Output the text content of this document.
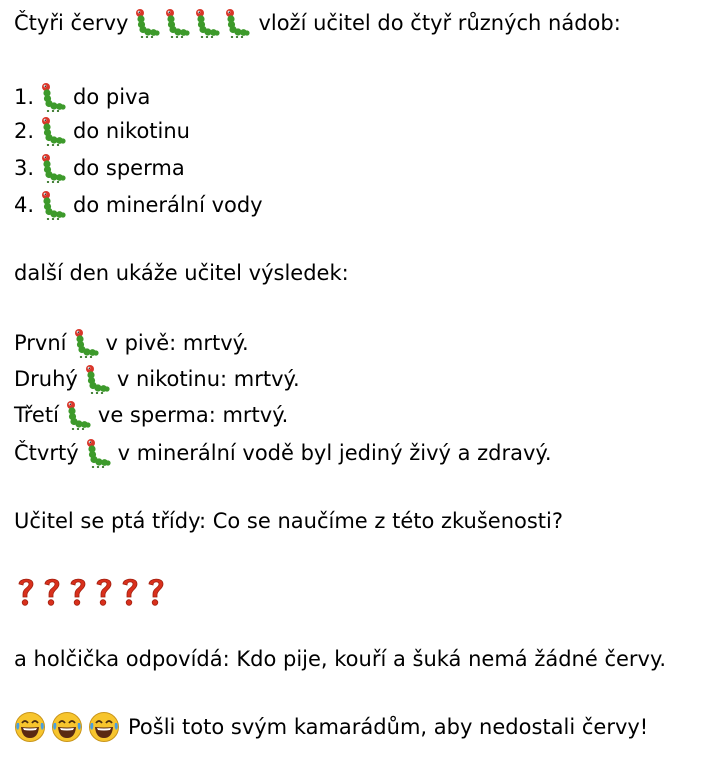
Čtyři červy	vloží učitel do čtyř různých nádob:
1. do piva
2. do nikotinu
3. do sperma
4. do minerální vody
další den ukáže učitel výsledek:
První v pivě: mrtvý.
Druhý v nikotinu: mrtvý.
Třetí ve sperma: mrtvý.
Čtvrtý v minerální vodě byl jediný živý a zdravý.
Učitel se ptá třídy: Co se naučíme z této zkušenosti?
a holčička odpovídá: Kdo pije, kouří a šuká nemá žádné červy.
Pošli toto svým kamarádům, aby nedostali červy!
